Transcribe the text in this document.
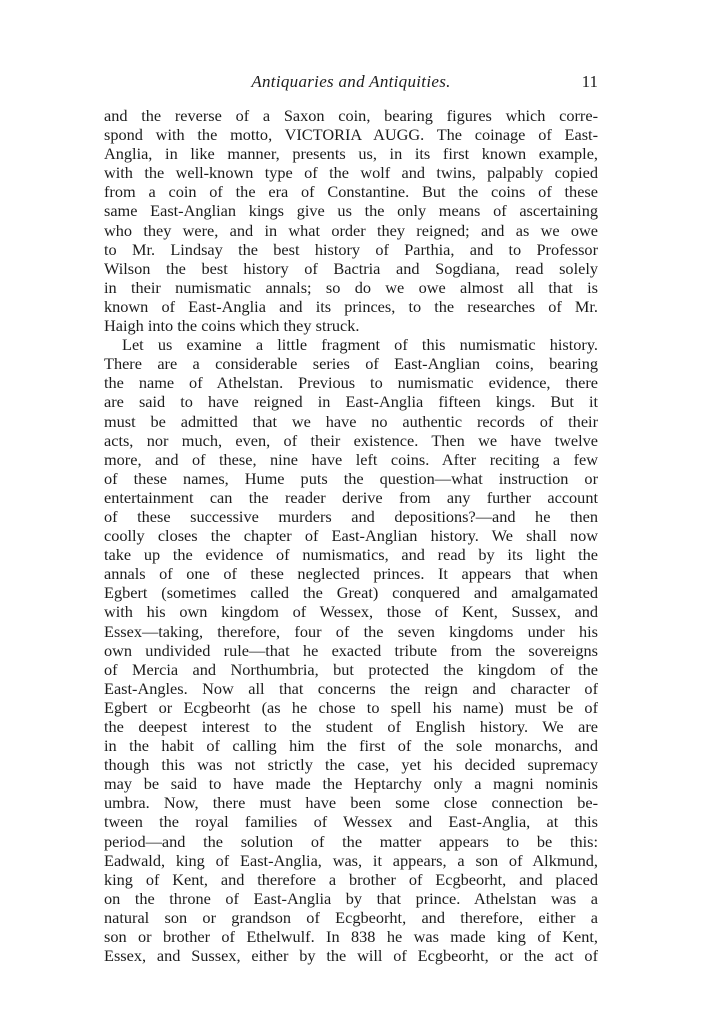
Antiquaries and Antiquities.	11
and the reverse of a Saxon coin, bearing figures which corre-
spond with the motto, VICTORIA AUGG. The coinage of East-
Anglia, in like manner, presents us, in its first known example,
with the well-known type of the wolf and twins, palpably copied
from a coin of the era of Constantine. But the coins of these
same East-Anglian kings give us the only means of ascertaining
who they were, and in what order they reigned; and as we owe
to Mr. Lindsay the best history of Parthia, and to Professor
Wilson the best history of Bactria and Sogdiana, read solely
in their numismatic annals; so do we owe almost all that is
known of East-Anglia and its princes, to the researches of Mr.
Haigh into the coins which they struck.
Let us examine a little fragment of this numismatic history.
There are a considerable series of East-Anglian coins, bearing
the name of Athelstan. Previous to numismatic evidence, there
are said to have reigned in East-Anglia fifteen kings. But it
must be admitted that we have no authentic records of their
acts, nor much, even, of their existence. Then we have twelve
more, and of these, nine have left coins. After reciting a few
of these names, Hume puts the question—what instruction or
entertainment can the reader derive from any further account
of these successive murders and depositions?—and he then
coolly closes the chapter of East-Anglian history. We shall now
take up the evidence of numismatics, and read by its light the
annals of one of these neglected princes. It appears that when
Egbert (sometimes called the Great) conquered and amalgamated
with his own kingdom of Wessex, those of Kent, Sussex, and
Essex—taking, therefore, four of the seven kingdoms under his
own undivided rule—that he exacted tribute from the sovereigns
of Mercia and Northumbria, but protected the kingdom of the
East-Angles. Now all that concerns the reign and character of
Egbert or Ecgbeorht (as he chose to spell his name) must be of
the deepest interest to the student of English history. We are
in the habit of calling him the first of the sole monarchs, and
though this was not strictly the case, yet his decided supremacy
may be said to have made the Heptarchy only a magni nominis
umbra. Now, there must have been some close connection be-
tween the royal families of Wessex and East-Anglia, at this
period—and the solution of the matter appears to be this:
Eadwald, king of East-Anglia, was, it appears, a son of Alkmund,
king of Kent, and therefore a brother of Ecgbeorht, and placed
on the throne of East-Anglia by that prince. Athelstan was a
natural son or grandson of Ecgbeorht, and therefore, either a
son or brother of Ethelwulf. In 838 he was made king of Kent,
Essex, and Sussex, either by the will of Ecgbeorht, or the act of
